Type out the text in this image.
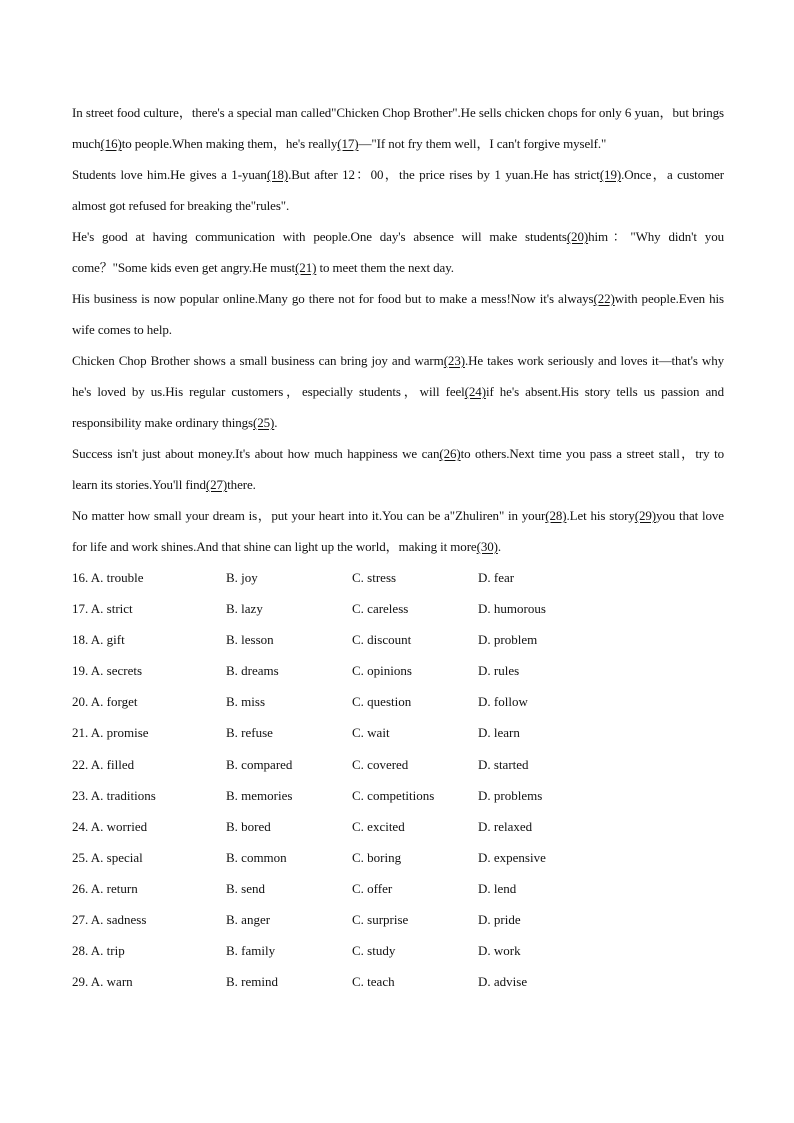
In street food culture，there's a special man called"Chicken Chop Brother".He sells chicken chops for only 6 yuan，but brings much(16)to people.When making them，he's really(17)—"If not fry them well，I can't forgive myself."

Students love him.He gives a 1-yuan(18).But after 12：00，the price rises by 1 yuan.He has strict(19).Once，a customer almost got refused for breaking the"rules".

He's good at having communication with people.One day's absence will make students(20)him："Why didn't you come？"Some kids even get angry.He must(21) to meet them the next day.

His business is now popular online.Many go there not for food but to make a mess!Now it's always(22)with people.Even his wife comes to help.

Chicken Chop Brother shows a small business can bring joy and warm(23).He takes work seriously and loves it—that's why he's loved by us.His regular customers，especially students，will feel(24)if he's absent.His story tells us passion and responsibility make ordinary things(25).

Success isn't just about money.It's about how much happiness we can(26)to others.Next time you pass a street stall，try to learn its stories.You'll find(27)there.

No matter how small your dream is，put your heart into it.You can be a"Zhuliren" in your(28).Let his story(29)you that love for life and work shines.And that shine can light up the world，making it more(30).

16. A. trouble	B. joy	C. stress	D. fear
17. A. strict	B. lazy	C. careless	D. humorous
18. A. gift	B. lesson	C. discount	D. problem
19. A. secrets	B. dreams	C. opinions	D. rules
20. A. forget	B. miss	C. question	D. follow
21. A. promise	B. refuse	C. wait	D. learn
22. A. filled	B. compared	C. covered	D. started
23. A. traditions	B. memories	C. competitions	D. problems
24. A. worried	B. bored	C. excited	D. relaxed
25. A. special	B. common	C. boring	D. expensive
26. A. return	B. send	C. offer	D. lend
27. A. sadness	B. anger	C. surprise	D. pride
28. A. trip	B. family	C. study	D. work
29. A. warn	B. remind	C. teach	D. advise
